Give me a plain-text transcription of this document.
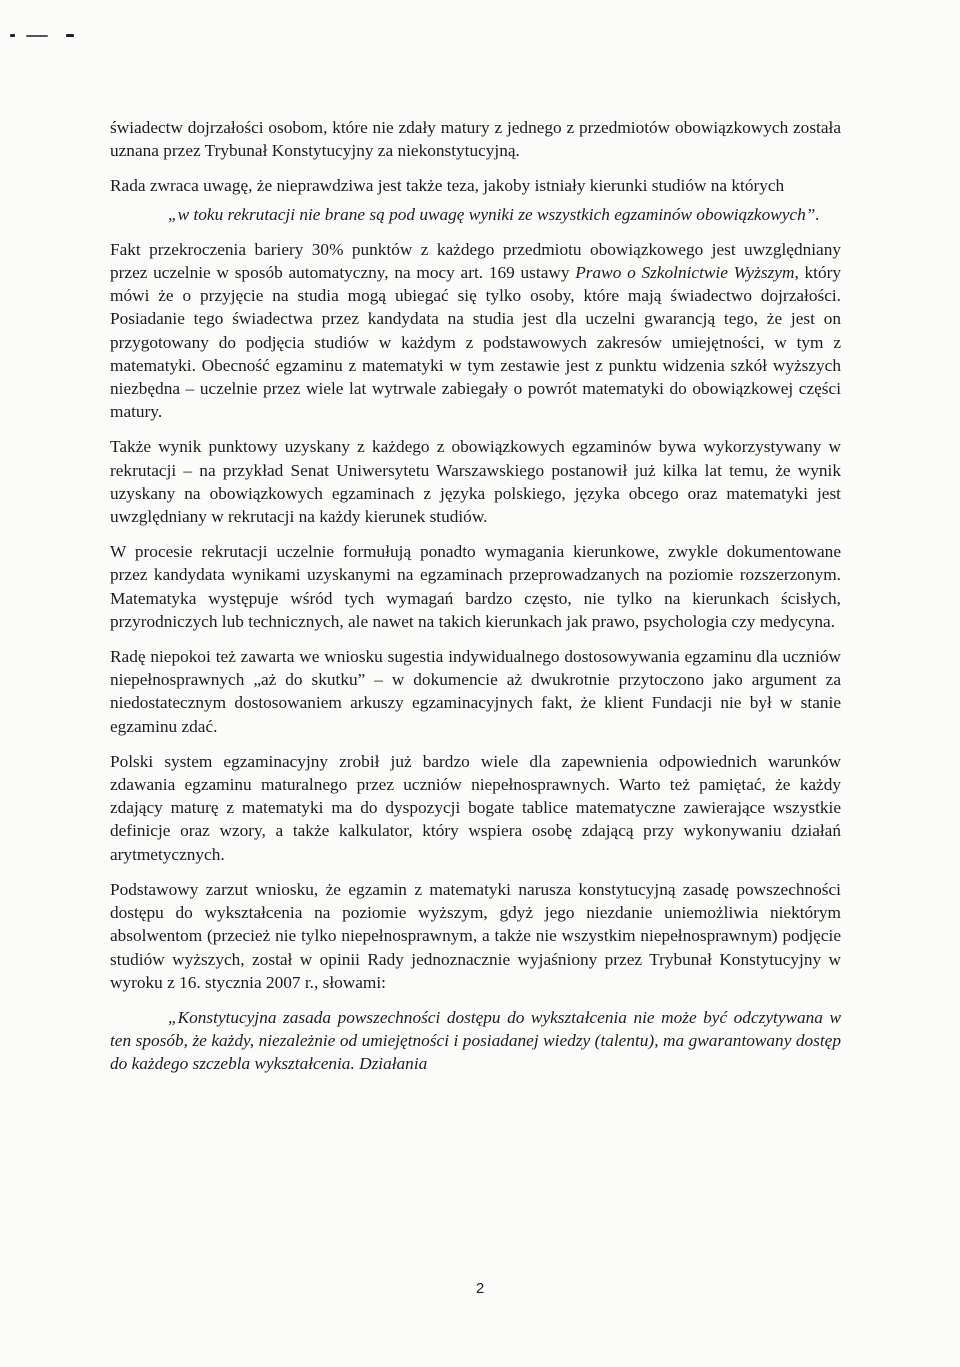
świadectw dojrzałości osobom, które nie zdały matury z jednego z przedmiotów obowiązkowych została uznana przez Trybunał Konstytucyjny za niekonstytucyjną.

Rada zwraca uwagę, że nieprawdziwa jest także teza, jakoby istniały kierunki studiów na których

„w toku rekrutacji nie brane są pod uwagę wyniki ze wszystkich egzaminów obowiązkowych”.

Fakt przekroczenia bariery 30% punktów z każdego przedmiotu obowiązkowego jest uwzględniany przez uczelnie w sposób automatyczny, na mocy art. 169 ustawy Prawo o Szkolnictwie Wyższym, który mówi że o przyjęcie na studia mogą ubiegać się tylko osoby, które mają świadectwo dojrzałości. Posiadanie tego świadectwa przez kandydata na studia jest dla uczelni gwarancją tego, że jest on przygotowany do podjęcia studiów w każdym z podstawowych zakresów umiejętności, w tym z matematyki. Obecność egzaminu z matematyki w tym zestawie jest z punktu widzenia szkół wyższych niezbędna – uczelnie przez wiele lat wytrwale zabiegały o powrót matematyki do obowiązkowej części matury.

Także wynik punktowy uzyskany z każdego z obowiązkowych egzaminów bywa wykorzystywany w rekrutacji – na przykład Senat Uniwersytetu Warszawskiego postanowił już kilka lat temu, że wynik uzyskany na obowiązkowych egzaminach z języka polskiego, języka obcego oraz matematyki jest uwzględniany w rekrutacji na każdy kierunek studiów.

W procesie rekrutacji uczelnie formułują ponadto wymagania kierunkowe, zwykle dokumentowane przez kandydata wynikami uzyskanymi na egzaminach przeprowadzanych na poziomie rozszerzonym. Matematyka występuje wśród tych wymagań bardzo często, nie tylko na kierunkach ścisłych, przyrodniczych lub technicznych, ale nawet na takich kierunkach jak prawo, psychologia czy medycyna.

Radę niepokoi też zawarta we wniosku sugestia indywidualnego dostosowywania egzaminu dla uczniów niepełnosprawnych „aż do skutku” – w dokumencie aż dwukrotnie przytoczono jako argument za niedostatecznym dostosowaniem arkuszy egzaminacyjnych fakt, że klient Fundacji nie był w stanie egzaminu zdać.

Polski system egzaminacyjny zrobił już bardzo wiele dla zapewnienia odpowiednich warunków zdawania egzaminu maturalnego przez uczniów niepełnosprawnych. Warto też pamiętać, że każdy zdający maturę z matematyki ma do dyspozycji bogate tablice matematyczne zawierające wszystkie definicje oraz wzory, a także kalkulator, który wspiera osobę zdającą przy wykonywaniu działań arytmetycznych.

Podstawowy zarzut wniosku, że egzamin z matematyki narusza konstytucyjną zasadę powszechności dostępu do wykształcenia na poziomie wyższym, gdyż jego niezdanie uniemożliwia niektórym absolwentom (przecież nie tylko niepełnosprawnym, a także nie wszystkim niepełnosprawnym) podjęcie studiów wyższych, został w opinii Rady jednoznacznie wyjaśniony przez Trybunał Konstytucyjny w wyroku z 16. stycznia 2007 r., słowami:

„Konstytucyjna zasada powszechności dostępu do wykształcenia nie może być odczytywana w ten sposób, że każdy, niezależnie od umiejętności i posiadanej wiedzy (talentu), ma gwarantowany dostęp do każdego szczebla wykształcenia. Działania

2
